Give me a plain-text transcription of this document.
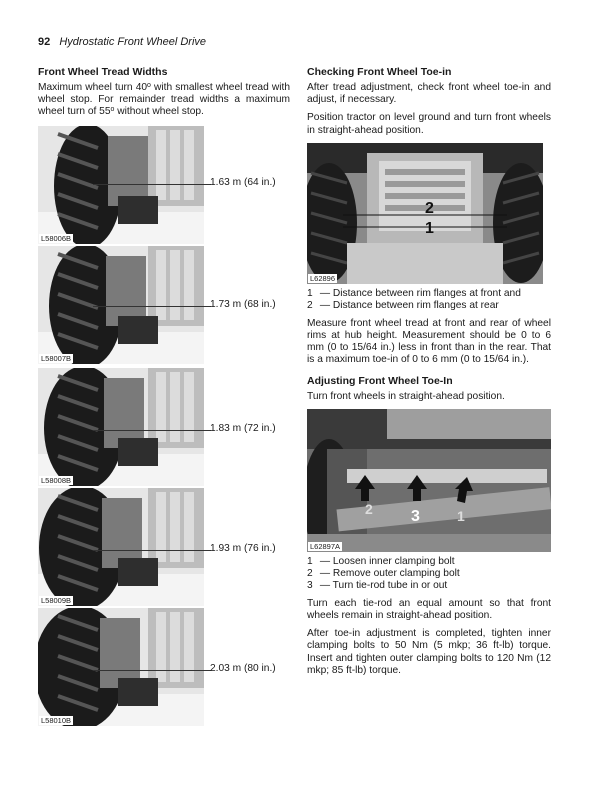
92 Hydrostatic Front Wheel Drive
Front Wheel Tread Widths

Maximum wheel turn 40$^o$ with smallest wheel tread with wheel stop. For remainder tread widths a maximum wheel turn of 55$^o$ without wheel stop.

L58006B
1.63 m (64 in.)
L58007B
1.73 m (68 in.)
L58008B
1.83 m (72 in.)
L58009B
1.93 m (76 in.)
L58010B
2.03 m (80 in.)
Checking Front Wheel Toe-in

After tread adjustment, check front wheel toe-in and adjust, if necessary.

Position tractor on level ground and turn front wheels in straight-ahead position.

2
1
L62896
1 — Distance between rim flanges at front and
2 — Distance between rim flanges at rear

Measure front wheel tread at front and rear of wheel rims at hub height. Measurement should be 0 to 6 mm (0 to 15/64 in.) less in front than in the rear. That is a maximum toe-in of 0 to 6 mm (0 to 15/64 in.).

Adjusting Front Wheel Toe-In

Turn front wheels in straight-ahead position.

2 3	1
L62897A
1 — Loosen inner clamping bolt
2 — Remove outer clamping bolt
3 — Turn tie-rod tube in or out

Turn each tie-rod an equal amount so that front wheels remain in straight-ahead position.

After toe-in adjustment is completed, tighten inner clamping bolts to 50 Nm (5 mkp; 36 ft-lb) torque. Insert and tighten outer clamping bolts to 120 Nm (12 mkp; 85 ft-lb) torque.
